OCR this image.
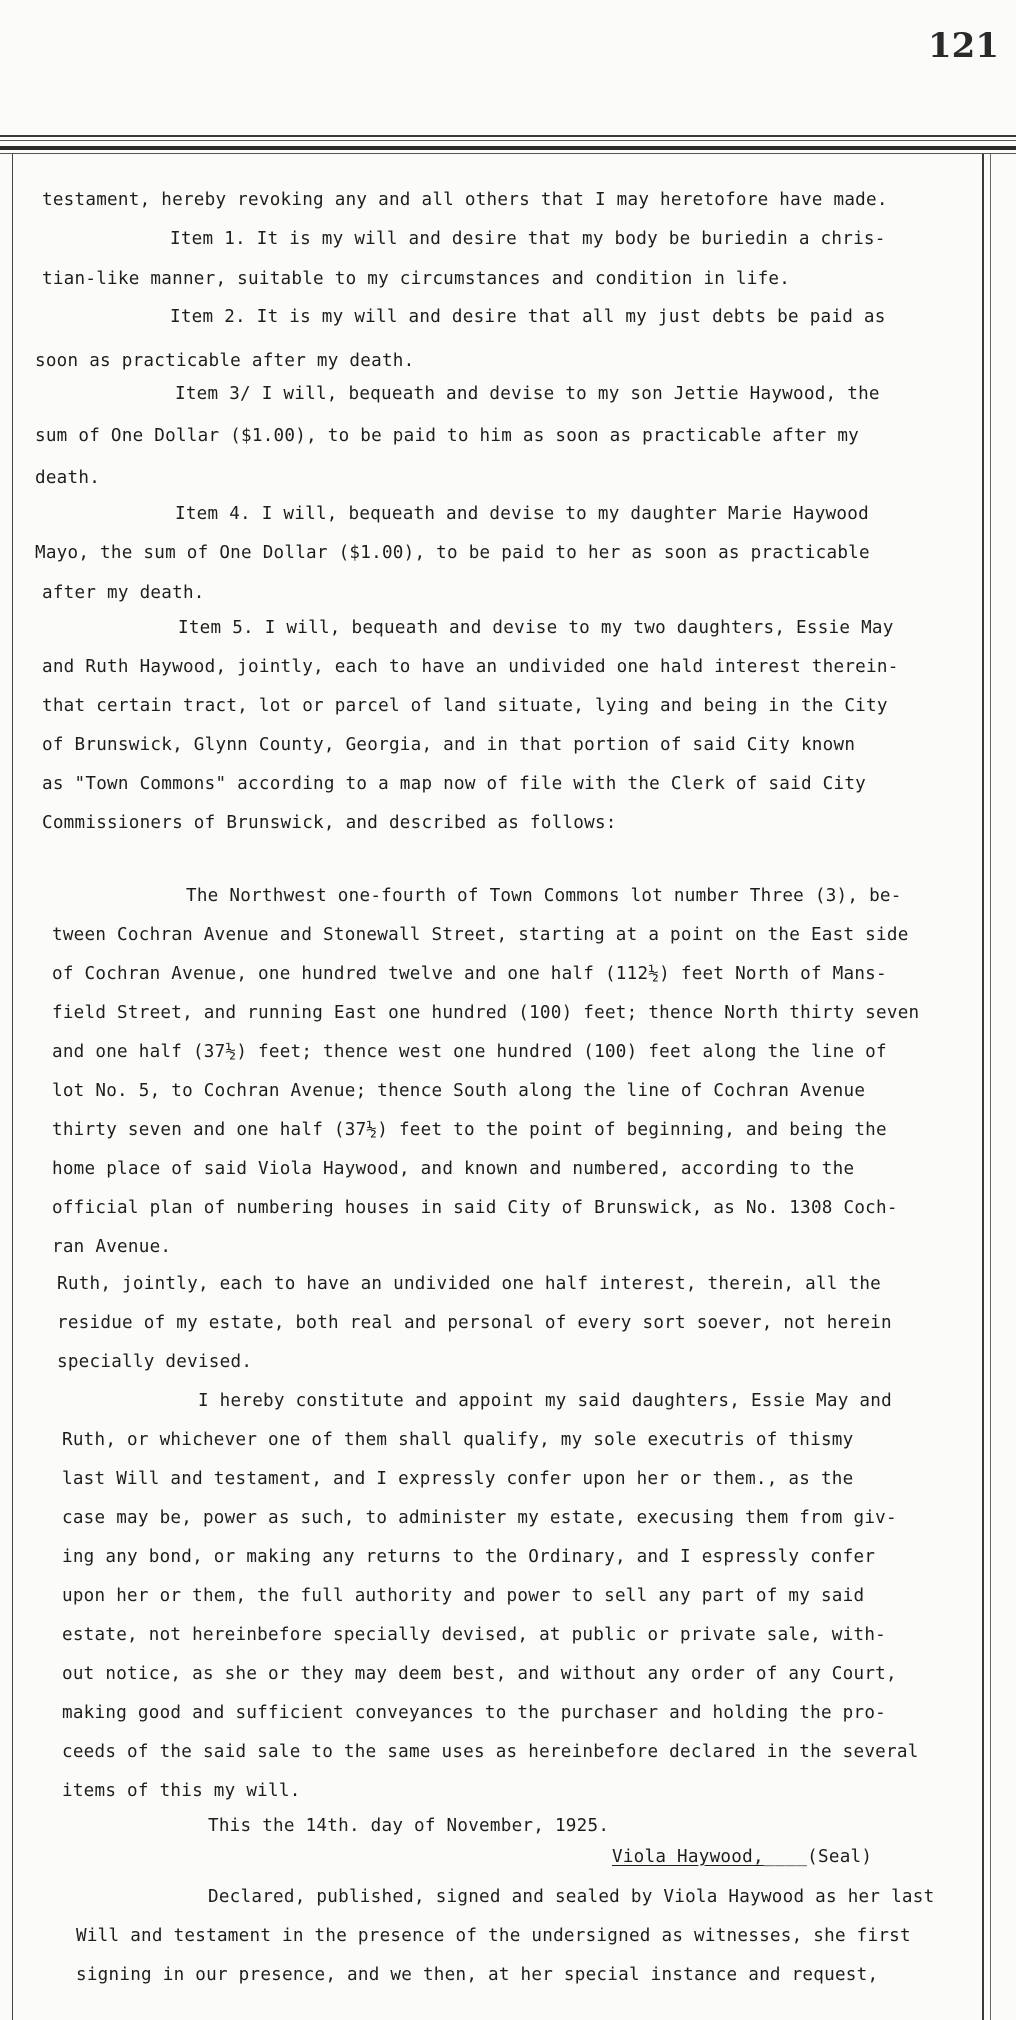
121
testament, hereby revoking any and all others that I may heretofore have made.
Item 1. It is my will and desire that my body be buriedin a chris-
tian-like manner, suitable to my circumstances and condition in life.
Item 2. It is my will and desire that all my just debts be paid as
soon as practicable after my death.
Item 3/ I will, bequeath and devise to my son Jettie Haywood, the
sum of One Dollar ($1.00), to be paid to him as soon as practicable after my
death.
Item 4. I will, bequeath and devise to my daughter Marie Haywood
Mayo, the sum of One Dollar ($1.00), to be paid to her as soon as practicable
after my death.
Item 5. I will, bequeath and devise to my two daughters, Essie May
and Ruth Haywood, jointly, each to have an undivided one hald interest therein-
that certain tract, lot or parcel of land situate, lying and being in the City
of Brunswick, Glynn County, Georgia, and in that portion of said City known
as "Town Commons" according to a map now of file with the Clerk of said City
Commissioners of Brunswick, and described as follows:
The Northwest one-fourth of Town Commons lot number Three (3), be-
tween Cochran Avenue and Stonewall Street, starting at a point on the East side
of Cochran Avenue, one hundred twelve and one half (112½) feet North of Mans-
field Street, and running East one hundred (100) feet; thence North thirty seven
and one half (37½) feet; thence west one hundred (100) feet along the line of
lot No. 5, to Cochran Avenue; thence South along the line of Cochran Avenue
thirty seven and one half (37½) feet to the point of beginning, and being the
home place of said Viola Haywood, and known and numbered, according to the
official plan of numbering houses in said City of Brunswick, as No. 1308 Coch-
ran Avenue.
Ruth, jointly, each to have an undivided one half interest, therein, all the
residue of my estate, both real and personal of every sort soever, not herein
specially devised.
I hereby constitute and appoint my said daughters, Essie May and
Ruth, or whichever one of them shall qualify, my sole executris of thismy
last Will and testament, and I expressly confer upon her or them., as the
case may be, power as such, to administer my estate, execusing them from giv-
ing any bond, or making any returns to the Ordinary, and I espressly confer
upon her or them, the full authority and power to sell any part of my said
estate, not hereinbefore specially devised, at public or private sale, with-
out notice, as she or they may deem best, and without any order of any Court,
making good and sufficient conveyances to the purchaser and holding the pro-
ceeds of the said sale to the same uses as hereinbefore declared in the several
items of this my will.
This the 14th. day of November, 1925.
Viola Haywood,____(Seal)
Declared, published, signed and sealed by Viola Haywood as her last
Will and testament in the presence of the undersigned as witnesses, she first
signing in our presence, and we then, at her special instance and request,
